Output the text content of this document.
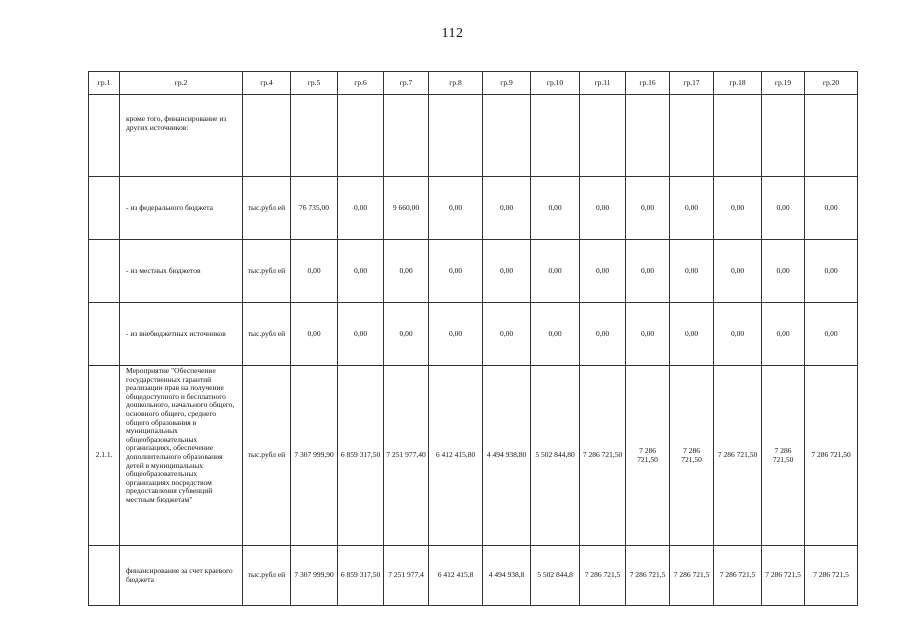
112
гр.1	гр.2	гр.4	гр.5	гр.6	гр.7	гр.8	гр.9	гр.10	гр.11	гр.16	гр.17	гр.18	гр.19	гр.20
	кроме того, финансирование из других источников:													
	- из федерального бюджета	тыс.рубл ей	76 735,00	0,00	9 660,00	0,00	0,00	0,00	0,00	0,00	0,00	0,00	0,00	0,00
	- из местных бюджетов	тыс.рубл ей	0,00	0,00	0,00	0,00	0,00	0,00	0,00	0,00	0,00	0,00	0,00	0,00
	- из внебюджетных источников	тыс.рубл ей	0,00	0,00	0,00	0,00	0,00	0,00	0,00	0,00	0,00	0,00	0,00	0,00
2.1.1.	Мероприятие "Обеспечение государственных гарантий реализации прав на получение общедоступного и бесплатного дошкольного, начального общего, основного общего, среднего общего образования в муниципальных общеобразовательных организациях, обеспечение дополнительного образования детей в муниципальных общеобразовательных организациях посредством предоставления субвенций местным бюджетам"	тыс.рубл ей	7 307 999,90	6 859 317,50	7 251 977,40	6 412 415,80	4 494 938,80	5 502 844,80	7 286 721,50	7 286 721,50	7 286 721,50	7 286 721,50	7 286 721,50	7 286 721,50
	финансирование за счет краевого бюджета	тыс.рубл ей	7 307 999,90	6 859 317,50	7 251 977,4	6 412 415,8	4 494 938,8	5 502 844,8	7 286 721,5	7 286 721,5	7 286 721,5	7 286 721,5	7 286 721,5	7 286 721,5
